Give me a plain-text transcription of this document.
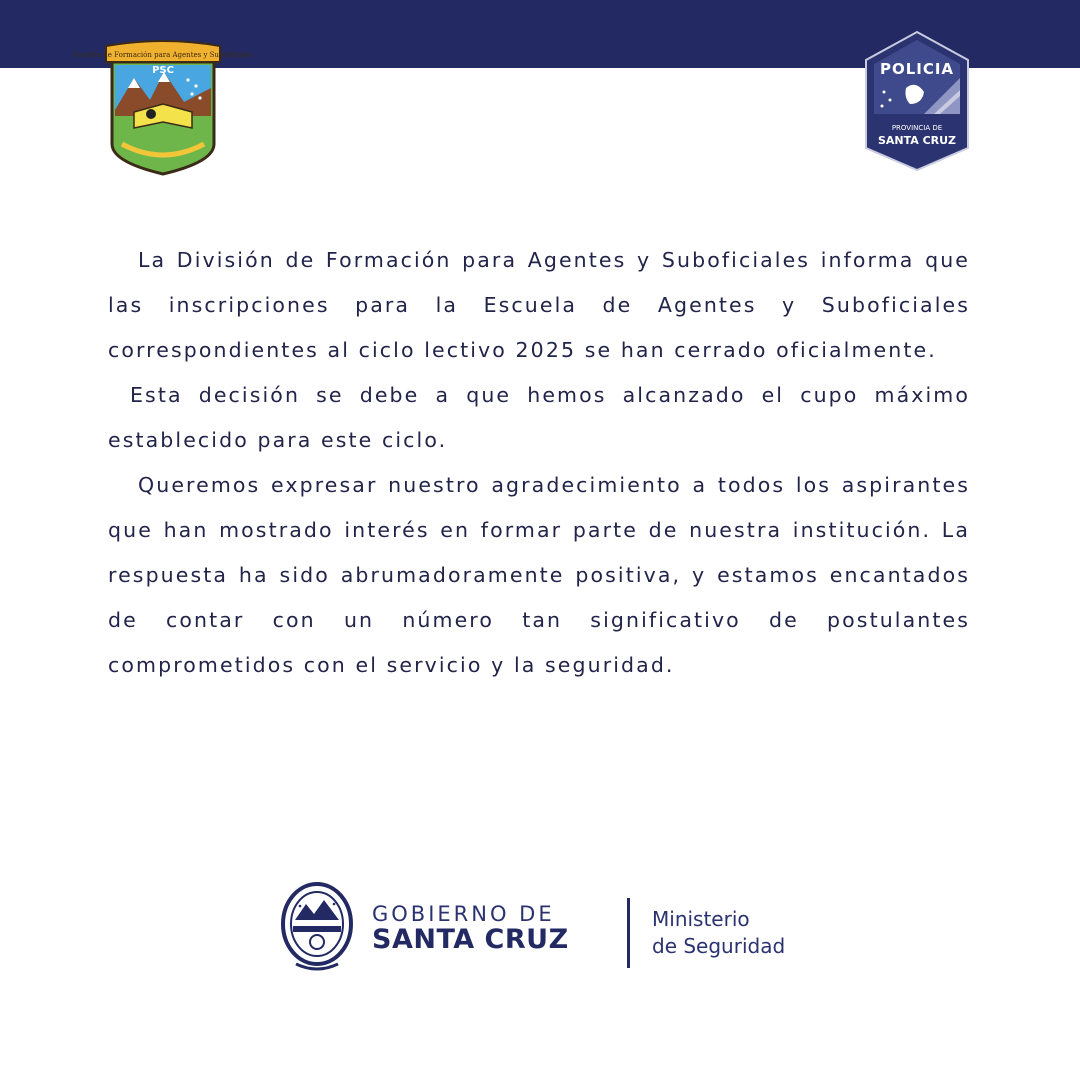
Escuela de Formación para Agentes y Suboficiales
PSC	POLICIA
PROVINCIA DE
SANTA CRUZ

La División de Formación para Agentes y Suboficiales informa que las inscripciones para la Escuela de Agentes y Suboficiales correspondientes al ciclo lectivo 2025 se han cerrado oficialmente.

Esta decisión se debe a que hemos alcanzado el cupo máximo establecido para este ciclo.

Queremos expresar nuestro agradecimiento a todos los aspirantes que han mostrado interés en formar parte de nuestra institución. La respuesta ha sido abrumadoramente positiva, y estamos encantados de contar con un número tan significativo de postulantes comprometidos con el servicio y la seguridad.

GOBIERNO DE
SANTA CRUZ
Ministerio
de Seguridad
